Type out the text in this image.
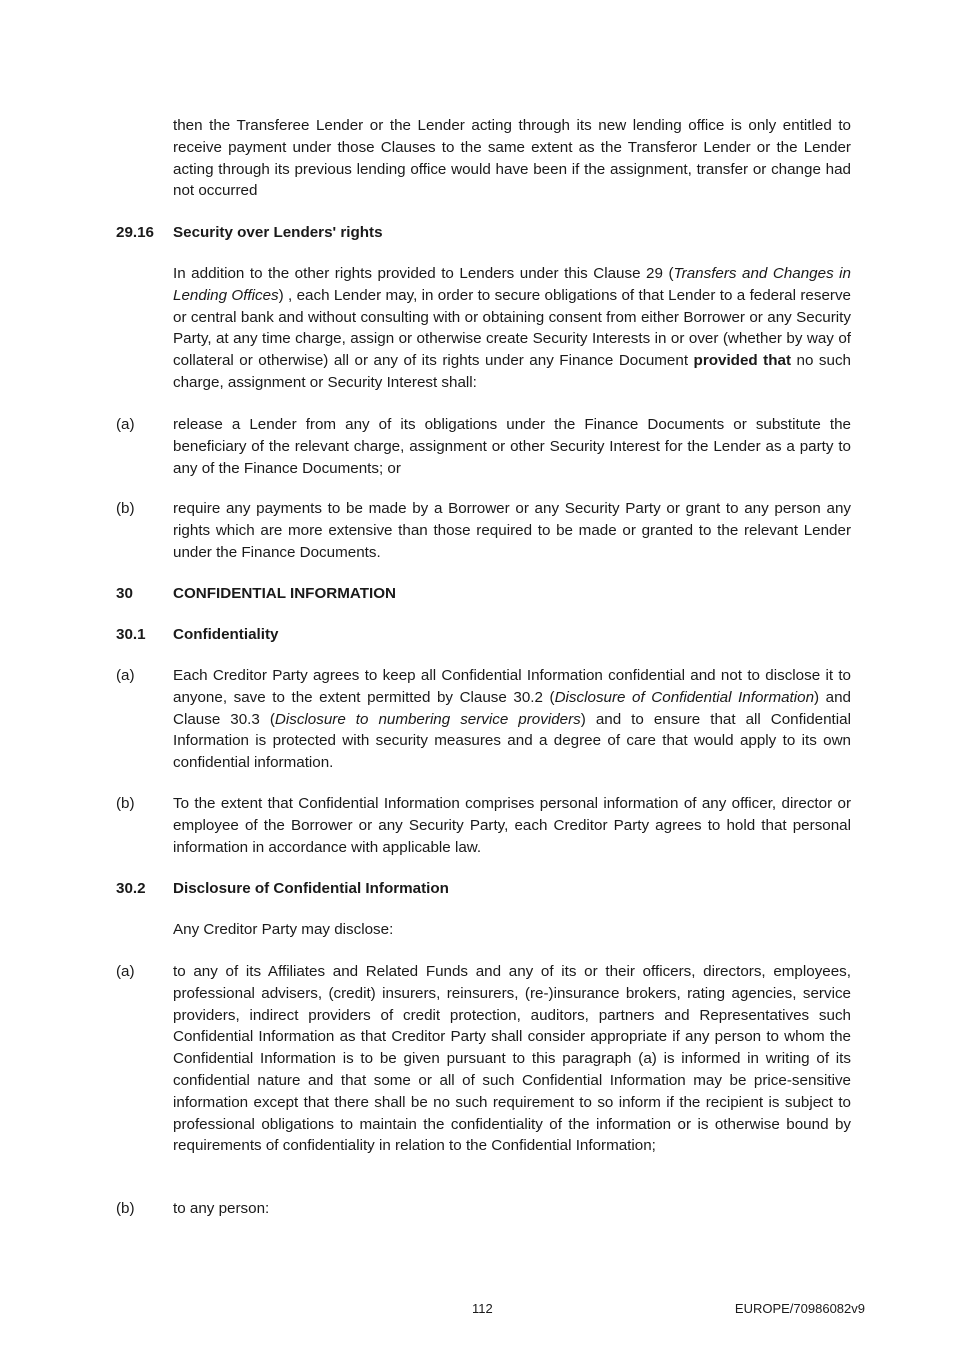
then the Transferee Lender or the Lender acting through its new lending office is only entitled to receive payment under those Clauses to the same extent as the Transferor Lender or the Lender acting through its previous lending office would have been if the assignment, transfer or change had not occurred

29.16 Security over Lenders' rights

In addition to the other rights provided to Lenders under this Clause 29 (Transfers and Changes in Lending Offices) , each Lender may, in order to secure obligations of that Lender to a federal reserve or central bank and without consulting with or obtaining consent from either Borrower or any Security Party, at any time charge, assign or otherwise create Security Interests in or over (whether by way of collateral or otherwise) all or any of its rights under any Finance Document provided that no such charge, assignment or Security Interest shall:

(a)	release a Lender from any of its obligations under the Finance Documents or substitute the beneficiary of the relevant charge, assignment or other Security Interest for the Lender as a party to any of the Finance Documents; or

(b)	require any payments to be made by a Borrower or any Security Party or grant to any person any rights which are more extensive than those required to be made or granted to the relevant Lender under the Finance Documents.

30	CONFIDENTIAL INFORMATION
30.1 Confidentiality
(a)	Each Creditor Party agrees to keep all Confidential Information confidential and not to disclose it to anyone, save to the extent permitted by Clause 30.2 (Disclosure of Confidential Information) and Clause 30.3 (Disclosure to numbering service providers) and to ensure that all Confidential Information is protected with security measures and a degree of care that would apply to its own confidential information.

(b)	To the extent that Confidential Information comprises personal information of any officer, director or employee of the Borrower or any Security Party, each Creditor Party agrees to hold that personal information in accordance with applicable law.

30.2 Disclosure of Confidential Information

Any Creditor Party may disclose:

(a)	to any of its Affiliates and Related Funds and any of its or their officers, directors, employees, professional advisers, (credit) insurers, reinsurers, (re-)insurance brokers, rating agencies, service providers, indirect providers of credit protection, auditors, partners and Representatives such Confidential Information as that Creditor Party shall consider appropriate if any person to whom the Confidential Information is to be given pursuant to this paragraph (a) is informed in writing of its confidential nature and that some or all of such Confidential Information may be price-sensitive information except that there shall be no such requirement to so inform if the recipient is subject to professional obligations to maintain the confidentiality of the information or is otherwise bound by requirements of confidentiality in relation to the Confidential Information;

(b)	to any person:

112	EUROPE/70986082v9
